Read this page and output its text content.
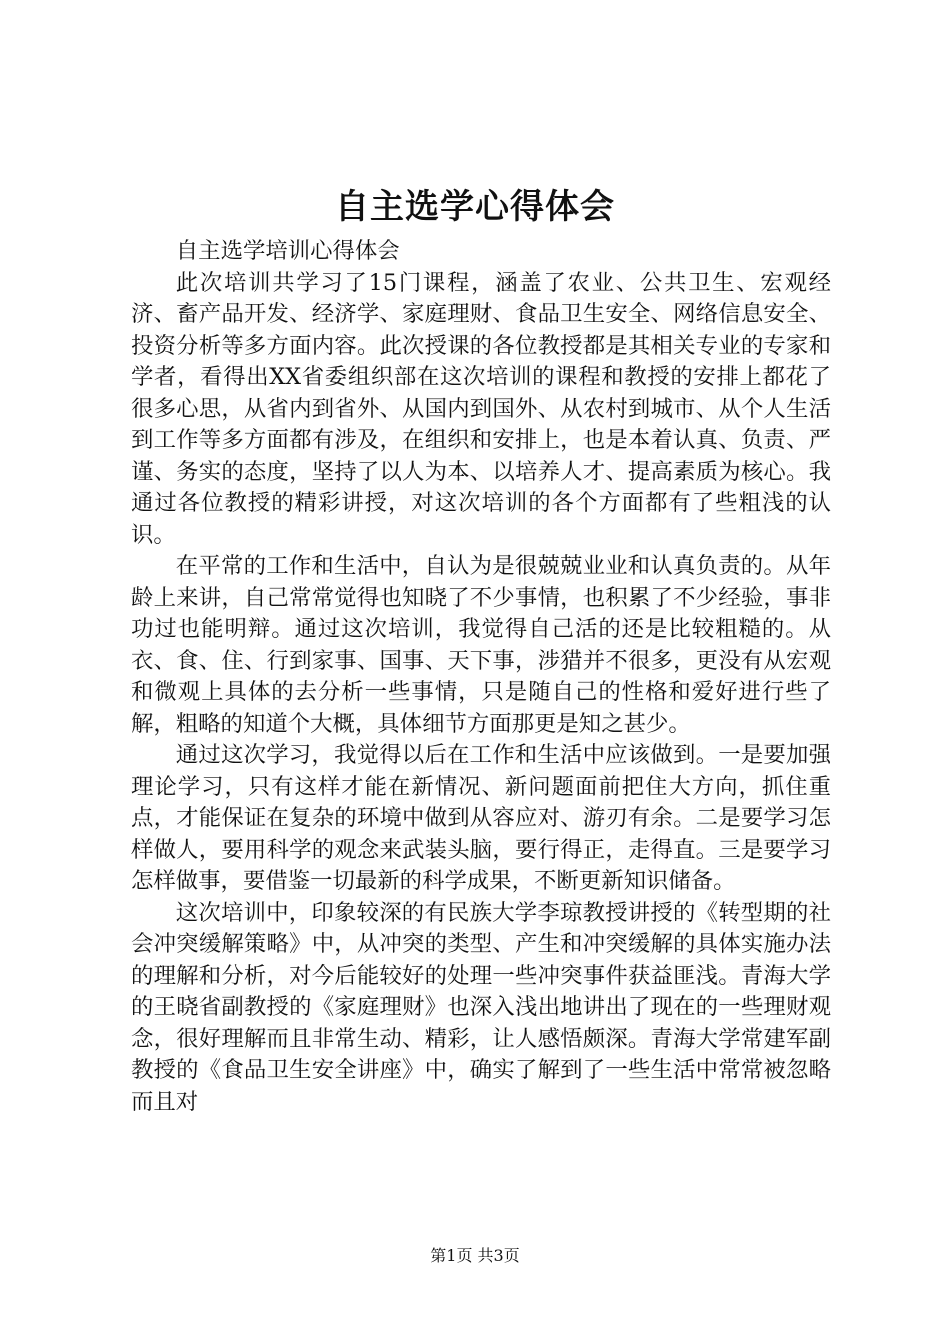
自主选学心得体会

自主选学培训心得体会

此次培训共学习了15门课程，涵盖了农业、公共卫生、宏观经济、畜产品开发、经济学、家庭理财、食品卫生安全、网络信息安全、投资分析等多方面内容。此次授课的各位教授都是其相关专业的专家和学者，看得出XX省委组织部在这次培训的课程和教授的安排上都花了很多心思，从省内到省外、从国内到国外、从农村到城市、从个人生活到工作等多方面都有涉及，在组织和安排上，也是本着认真、负责、严谨、务实的态度，坚持了以人为本、以培养人才、提高素质为核心。我通过各位教授的精彩讲授，对这次培训的各个方面都有了些粗浅的认识。

在平常的工作和生活中，自认为是很兢兢业业和认真负责的。从年龄上来讲，自己常常觉得也知晓了不少事情，也积累了不少经验，事非功过也能明辩。通过这次培训，我觉得自己活的还是比较粗糙的。从衣、食、住、行到家事、国事、天下事，涉猎并不很多，更没有从宏观和微观上具体的去分析一些事情，只是随自己的性格和爱好进行些了解，粗略的知道个大概，具体细节方面那更是知之甚少。

通过这次学习，我觉得以后在工作和生活中应该做到。一是要加强理论学习，只有这样才能在新情况、新问题面前把住大方向，抓住重点，才能保证在复杂的环境中做到从容应对、游刃有余。二是要学习怎样做人，要用科学的观念来武装头脑，要行得正，走得直。三是要学习怎样做事，要借鉴一切最新的科学成果，不断更新知识储备。

这次培训中，印象较深的有民族大学李琼教授讲授的《转型期的社会冲突缓解策略》中，从冲突的类型、产生和冲突缓解的具体实施办法的理解和分析，对今后能较好的处理一些冲突事件获益匪浅。青海大学的王晓省副教授的《家庭理财》也深入浅出地讲出了现在的一些理财观念，很好理解而且非常生动、精彩，让人感悟颇深。青海大学常建军副教授的《食品卫生安全讲座》中，确实了解到了一些生活中常常被忽略而且对

第1页 共3页
